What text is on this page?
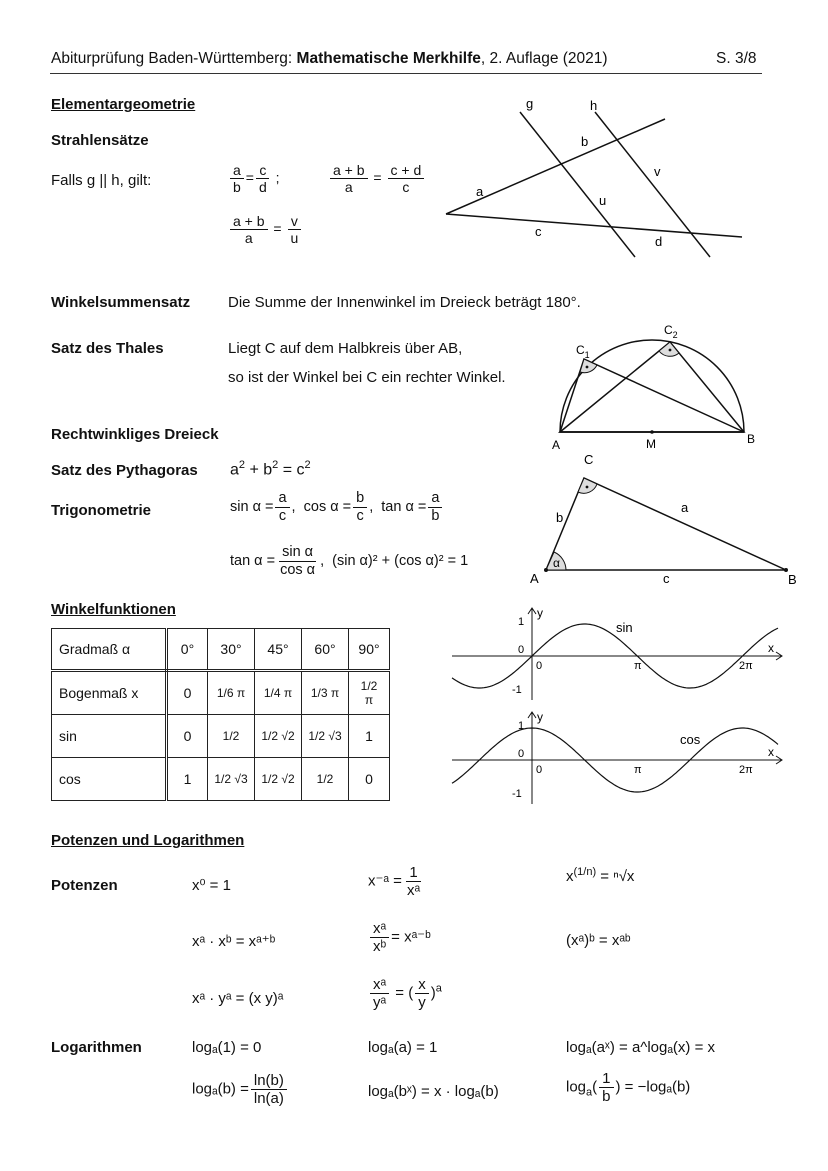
Abiturprüfung Baden-Württemberg: Mathematische Merkhilfe, 2. Auflage (2021)	S. 3/8
Elementargeometrie
Strahlensätze
Falls g || h, gilt:	$\frac{a}{b} = \frac{c}{d}$ ;	$\frac{a + b}{a} = \frac{c + d}{c}$
$\frac{a + b}{a} = \frac{v}{u}$
g	h
a
b
c
d
u
v
Winkelsummensatz	Die Summe der Innenwinkel im Dreieck beträgt 180°.
Satz des Thales	Liegt C auf dem Halbkreis über AB,
so ist der Winkel bei C ein rechter Winkel.
A	M	B
$C_1$
$C_2$
Rechtwinkliges Dreieck
Satz des Pythagoras $a^2 + b^2 = c^2$
Trigonometrie	$\sin \alpha = \frac{a}{c}$ ,  $\cos \alpha = \frac{b}{c}$ ,  $\tan \alpha = \frac{a}{b}$
$\tan \alpha = \frac{\text{sin α}}{\text{cos α}}$ ,  (sin α)² + (cos α)² = 1	α
A	B
C
b
a
c
Winkelfunktionen
Gradmaß α	0°	30°	45°	60°	90°
Bogenmaß x	0	1/6 π	1/4 π	1/3 π	1/2 π
sin	0	1/2	1/2 √2	1/2 √3	1
cos	1	1/2 √3	1/2 √2	1/2	0
y
x
1
0
-1
0	π	2π
sin
y
x
1
0
-1
0	π	2π
cos
Potenzen und Logarithmen
Potenzen	x⁰ = 1	x⁻ᵃ = $\frac{1}{\text{xᵃ}}$	$x^{(1/n)} = ^n√x$
xᵃ · xᵇ = xᵃ⁺ᵇ	$\frac{\text{xᵃ}}{\text{xᵇ}}$ = xᵃ⁻ᵇ	(xᵃ)ᵇ = xᵃᵇ
xᵃ · yᵃ = (x y)ᵃ	$\frac{\text{xᵃ}}{\text{yᵃ}}$ = ( $\frac{x}{y} )^a$
Logarithmen	logₐ(1) = 0	logₐ(a) = 1	logₐ(aˣ) = a^logₐ(x) = x
$\log_a(b) = \frac{\ln(b)}{\ln(a)}$	logₐ(bˣ) = x · logₐ(b)	$\log_a( \frac{1}{b}$ ) = −logₐ(b)
